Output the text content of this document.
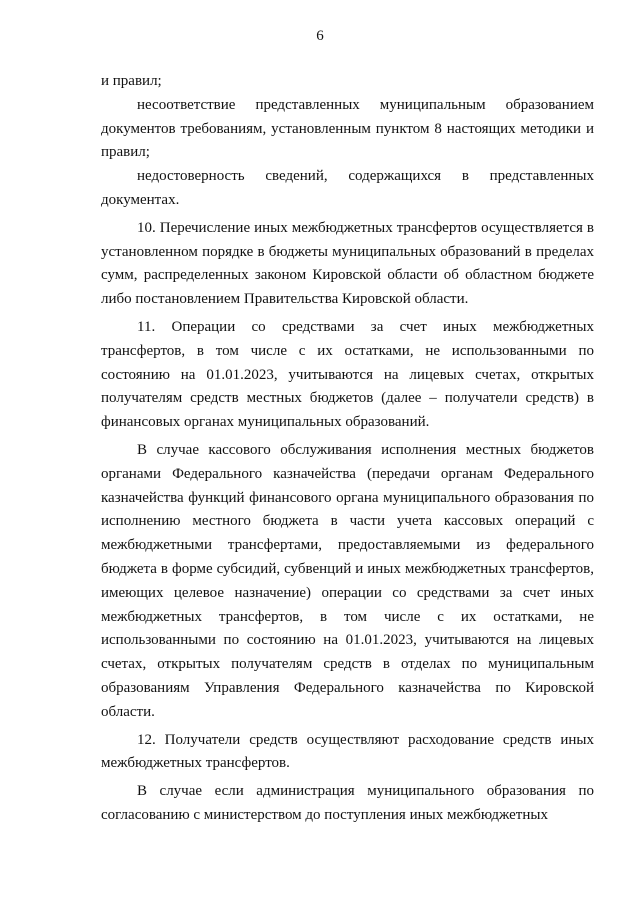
6

и правил;

несоответствие представленных муниципальным образованием документов требованиям, установленным пунктом 8 настоящих методики и правил;

недостоверность сведений, содержащихся в представленных документах.

10. Перечисление иных межбюджетных трансфертов осуществляется в установленном порядке в бюджеты муниципальных образований в пределах сумм, распределенных законом Кировской области об областном бюджете либо постановлением Правительства Кировской области.

11. Операции со средствами за счет иных межбюджетных трансфертов, в том числе с их остатками, не использованными по состоянию на 01.01.2023, учитываются на лицевых счетах, открытых получателям средств местных бюджетов (далее – получатели средств) в финансовых органах муниципальных образований.

В случае кассового обслуживания исполнения местных бюджетов органами Федерального казначейства (передачи органам Федерального казначейства функций финансового органа муниципального образования по исполнению местного бюджета в части учета кассовых операций с межбюджетными трансфертами, предоставляемыми из федерального бюджета в форме субсидий, субвенций и иных межбюджетных трансфертов, имеющих целевое назначение) операции со средствами за счет иных межбюджетных трансфертов, в том числе с их остатками, не использованными по состоянию на 01.01.2023, учитываются на лицевых счетах, открытых получателям средств в отделах по муниципальным образованиям Управления Федерального казначейства по Кировской области.

12. Получатели средств осуществляют расходование средств иных межбюджетных трансфертов.

В случае если администрация муниципального образования по согласованию с министерством до поступления иных межбюджетных
